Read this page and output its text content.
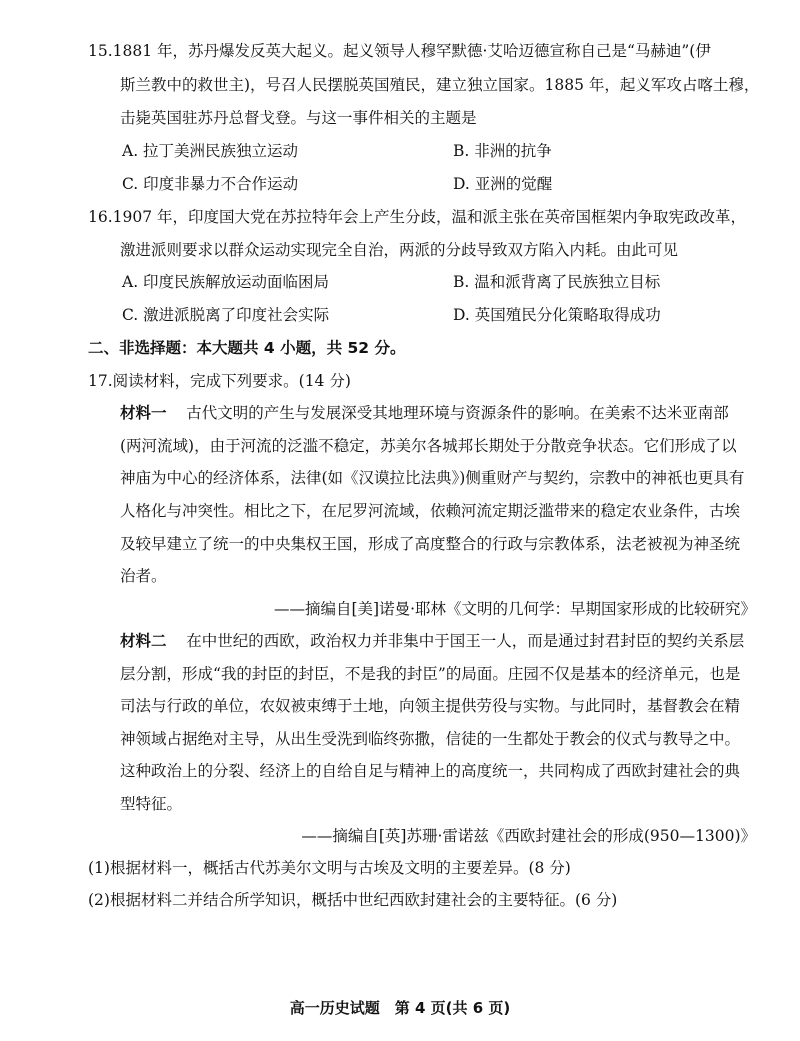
15.1881 年，苏丹爆发反英大起义。起义领导人穆罕默德·艾哈迈德宣称自己是“马赫迪”(伊
斯兰教中的救世主)，号召人民摆脱英国殖民，建立独立国家。1885 年，起义军攻占喀土穆，
击毙英国驻苏丹总督戈登。与这一事件相关的主题是
A. 拉丁美洲民族独立运动	B. 非洲的抗争
C. 印度非暴力不合作运动	D. 亚洲的觉醒
16.1907 年，印度国大党在苏拉特年会上产生分歧，温和派主张在英帝国框架内争取宪政改革，
激进派则要求以群众运动实现完全自治，两派的分歧导致双方陷入内耗。由此可见
A. 印度民族解放运动面临困局	B. 温和派背离了民族独立目标
C. 激进派脱离了印度社会实际	D. 英国殖民分化策略取得成功
二、非选择题：本大题共 4 小题，共 52 分。
17.阅读材料，完成下列要求。(14 分)
材料一 古代文明的产生与发展深受其地理环境与资源条件的影响。在美索不达米亚南部
(两河流域)，由于河流的泛滥不稳定，苏美尔各城邦长期处于分散竞争状态。它们形成了以
神庙为中心的经济体系，法律(如《汉谟拉比法典》)侧重财产与契约，宗教中的神祇也更具有
人格化与冲突性。相比之下，在尼罗河流域，依赖河流定期泛滥带来的稳定农业条件，古埃
及较早建立了统一的中央集权王国，形成了高度整合的行政与宗教体系，法老被视为神圣统
治者。
——摘编自[美]诺曼·耶林《文明的几何学：早期国家形成的比较研究》
材料二 在中世纪的西欧，政治权力并非集中于国王一人，而是通过封君封臣的契约关系层
层分割，形成“我的封臣的封臣，不是我的封臣”的局面。庄园不仅是基本的经济单元，也是
司法与行政的单位，农奴被束缚于土地，向领主提供劳役与实物。与此同时，基督教会在精
神领域占据绝对主导，从出生受洗到临终弥撒，信徒的一生都处于教会的仪式与教导之中。
这种政治上的分裂、经济上的自给自足与精神上的高度统一，共同构成了西欧封建社会的典
型特征。
——摘编自[英]苏珊·雷诺兹《西欧封建社会的形成(950—1300)》
(1)根据材料一，概括古代苏美尔文明与古埃及文明的主要差异。(8 分)
(2)根据材料二并结合所学知识，概括中世纪西欧封建社会的主要特征。(6 分)
高一历史试题　第 4 页(共 6 页)
